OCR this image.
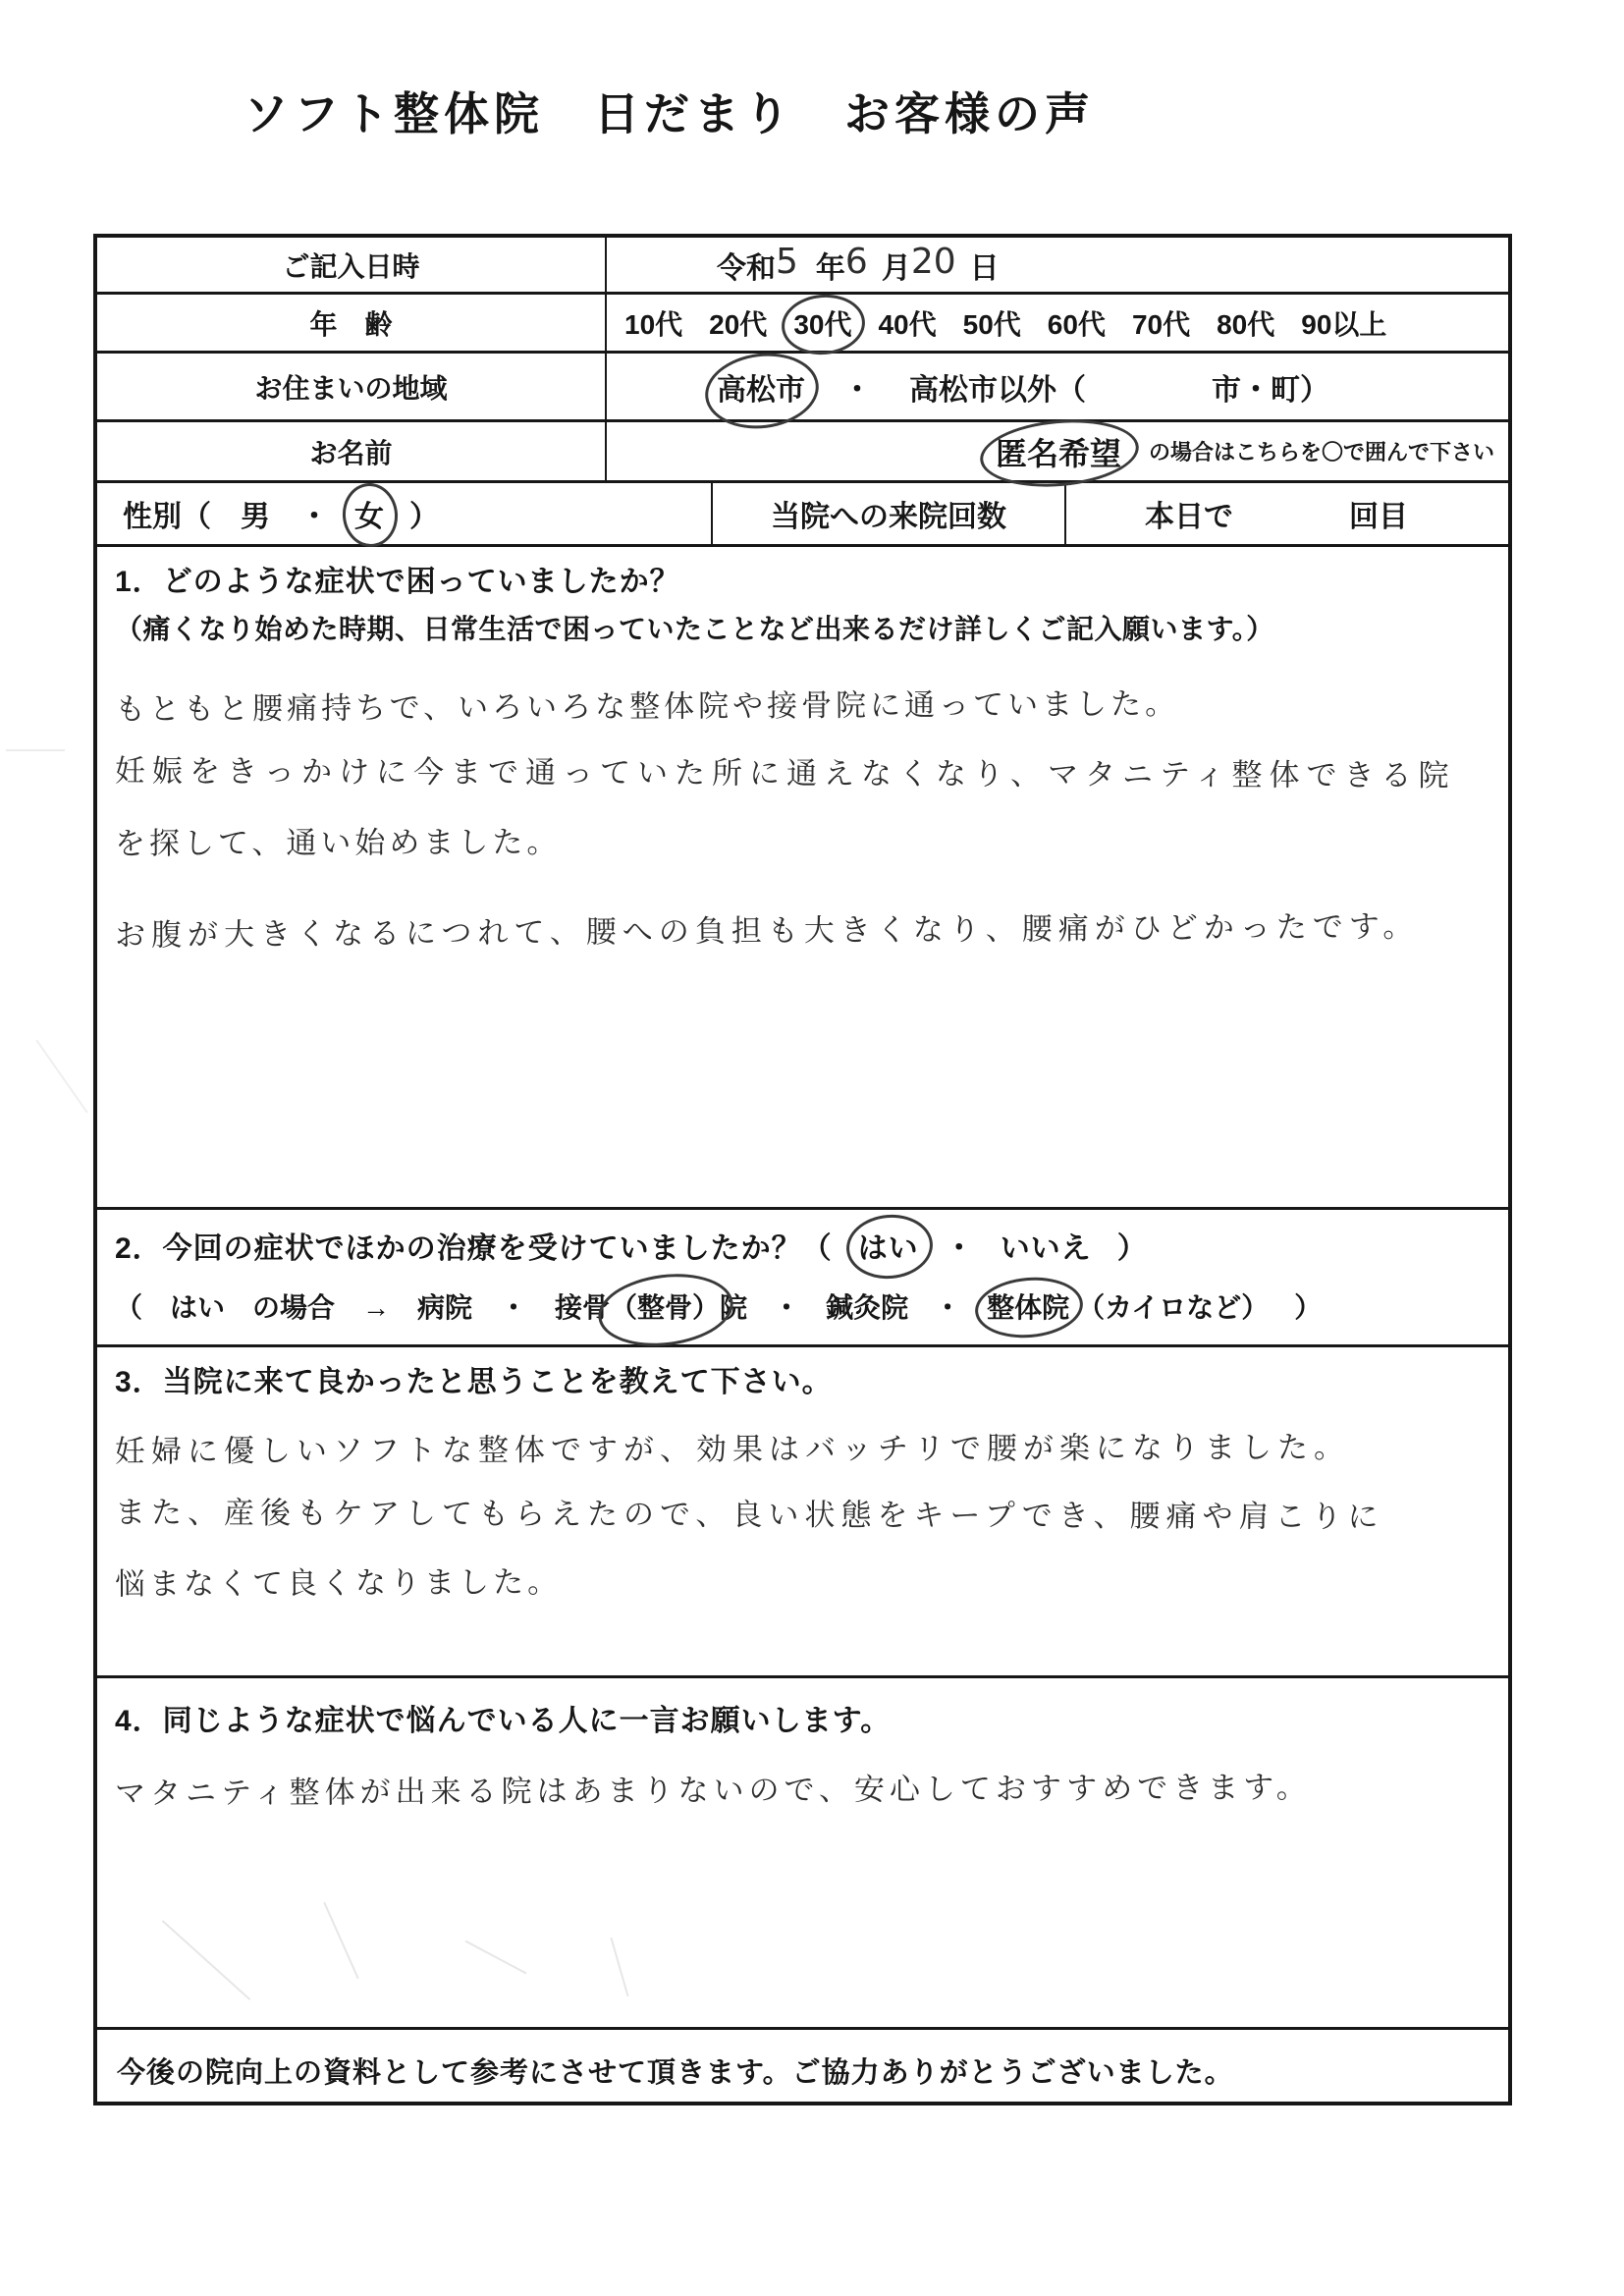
ソフト整体院　日だまり　お客様の声
ご記入日時	令和 5 年 6 月 20 日
年　齢	10代 20代 30代 40代 50代 60代 70代 80代 90以上
お住まいの地域	高松市 ・ 高松市以外（	市・町）
お名前	匿名希望 の場合はこちらを〇で囲んで下さい
性別（　男　・ 女 ）	当院への来院回数	本日で	回目
1．どのような症状で困っていましたか？
（痛くなり始めた時期、日常生活で困っていたことなど出来るだけ詳しくご記入願います。）
もともと腰痛持ちで、いろいろな整体院や接骨院に通っていました。
妊娠をきっかけに今まで通っていた所に通えなくなり、マタニティ整体できる院
を探して、通い始めました。
お腹が大きくなるにつれて、腰への負担も大きくなり、腰痛がひどかったです。
2．今回の症状でほかの治療を受けていましたか？（ はい ・ いいえ ）
（　はい　の場合　→　病院　・　接骨 （整骨） 院 ・ 鍼灸院 ・ 整体院 （カイロなど） ）
3．当院に来て良かったと思うことを教えて下さい。
妊婦に優しいソフトな整体ですが、効果はバッチリで腰が楽になりました。
また、産後もケアしてもらえたので、良い状態をキープでき、腰痛や肩こりに
悩まなくて良くなりました。
4．同じような症状で悩んでいる人に一言お願いします。
マタニティ整体が出来る院はあまりないので、安心しておすすめできます。
今後の院向上の資料として参考にさせて頂きます。ご協力ありがとうございました。
